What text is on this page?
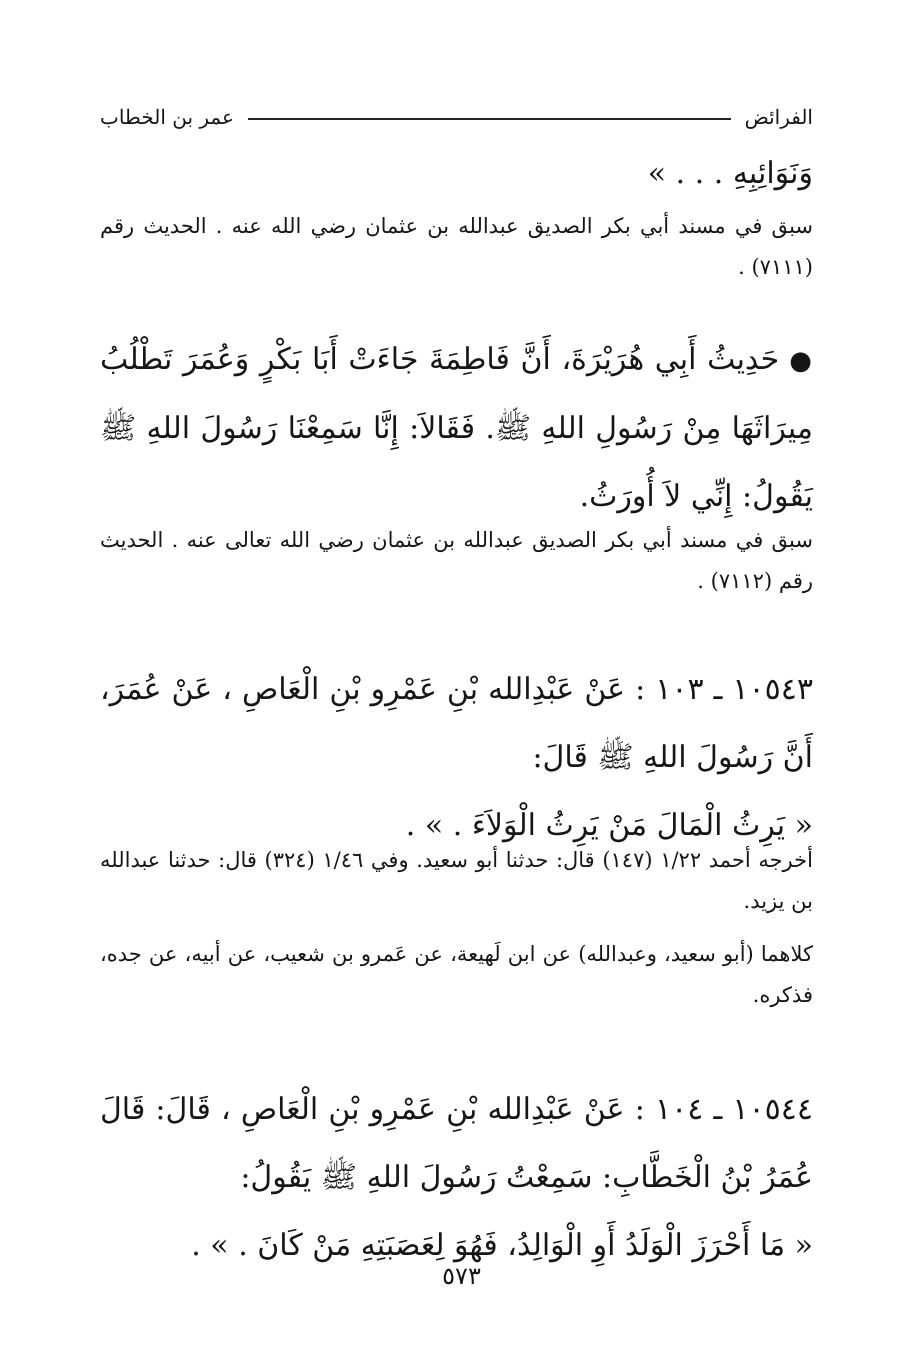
الفرائض
عمر بن الخطاب
وَنَوَائِبِهِ . . . »
سبق في مسند أبي بكر الصديق عبدالله بن عثمان رضي الله عنه . الحديث رقم (٧١١١) .
●حَدِيثُ أَبِي هُرَيْرَةَ، أَنَّ فَاطِمَةَ جَاءَتْ أَبَا بَكْرٍ وَعُمَرَ تَطْلُبُ مِيرَاثَهَا مِنْ رَسُولِ اللهِ ﷺ. فَقَالاَ: إِنَّا سَمِعْنَا رَسُولَ اللهِ ﷺ يَقُولُ: إِنِّي لاَ أُورَثُ.
سبق في مسند أبي بكر الصديق عبدالله بن عثمان رضي الله تعالى عنه . الحديث رقم (٧١١٢) .
١٠٥٤٣ ـ ١٠٣ : عَنْ عَبْدِالله بْنِ عَمْرِو بْنِ الْعَاصِ ، عَنْ عُمَرَ، أَنَّ رَسُولَ اللهِ ﷺ قَالَ:
« يَرِثُ الْمَالَ مَنْ يَرِثُ الْوَلاَءَ . » .
أخرجه أحمد ١/٢٢ (١٤٧) قال: حدثنا أبو سعيد. وفي ١/٤٦ (٣٢٤) قال: حدثنا عبدالله بن يزيد.
كلاهما (أبو سعيد، وعبدالله) عن ابن لَهيعة، عن عَمرو بن شعيب، عن أبيه، عن جده، فذكره.
١٠٥٤٤ ـ ١٠٤ : عَنْ عَبْدِالله بْنِ عَمْرِو بْنِ الْعَاصِ ، قَالَ: قَالَ عُمَرُ بْنُ الْخَطَّابِ: سَمِعْتُ رَسُولَ اللهِ ﷺ يَقُولُ:
« مَا أَحْرَزَ الْوَلَدُ أَوِ الْوَالِدُ، فَهُوَ لِعَصَبَتِهِ مَنْ كَانَ . » .
٥٧٣
